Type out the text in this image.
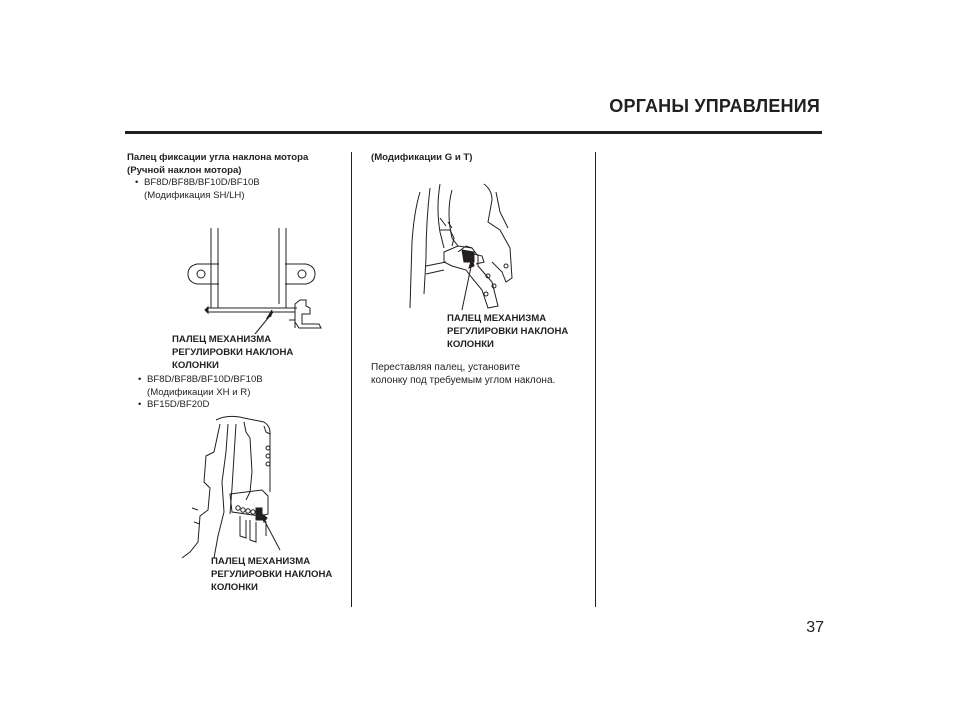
ОРГАНЫ УПРАВЛЕНИЯ
Палец фиксации угла наклона мотора
(Ручной наклон мотора)
• BF8D/BF8B/BF10D/BF10B
(Модификация SH/LH)
ПАЛЕЦ МЕХАНИЗМА
РЕГУЛИРОВКИ НАКЛОНА
КОЛОНКИ
• BF8D/BF8B/BF10D/BF10B
(Модификации XH и R)
• BF15D/BF20D
ПАЛЕЦ МЕХАНИЗМА
РЕГУЛИРОВКИ НАКЛОНА
КОЛОНКИ
(Модификации G и T)
ПАЛЕЦ МЕХАНИЗМА
РЕГУЛИРОВКИ НАКЛОНА
КОЛОНКИ
Переставляя палец, установите
колонку под требуемым углом наклона.
37
